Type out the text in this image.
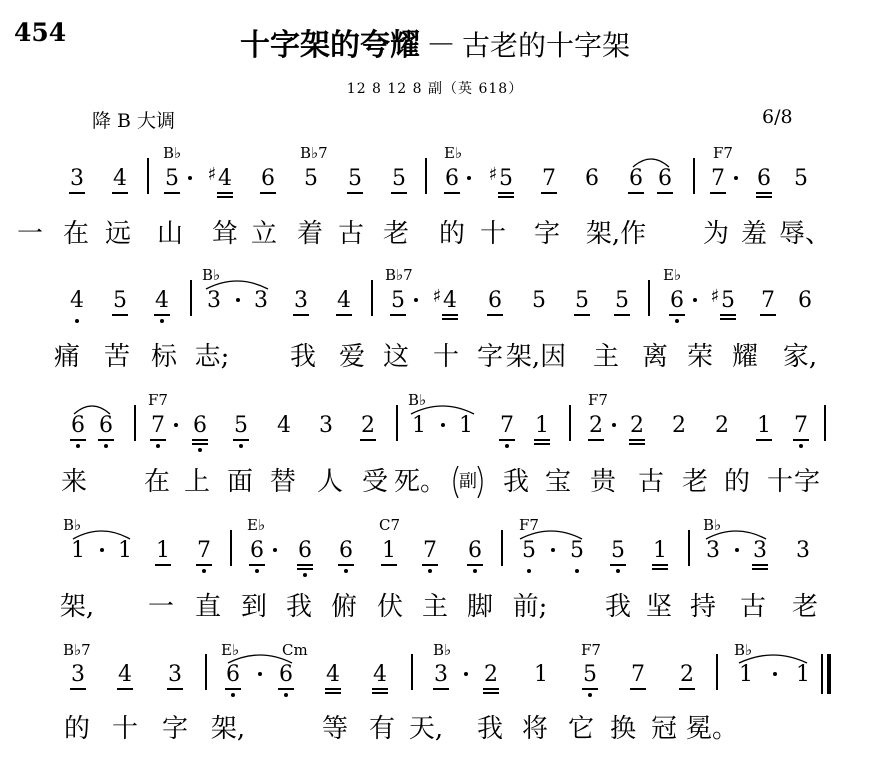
454	十字架的夸耀 － 古老的十字架
12 8 12 8 副（英 618）
降 B 大调	6/8
3 4 5 4
♯ 6 5 5 5 6 5
♯ 7 6 6 6 7 6 5
B♭	B♭7	E♭	F7
一 在 远 山 耸 立 着 古 老 的 十 字 架,作 为 羞 辱、
4 5 4 3 3 3 4 5 4
♯ 6 5 5 5 6 5
♯ 7 6
B♭	B♭7	E♭
痛 苦 标 志; 我 爱 这 十 字 架,因 主 离 荣 耀 家,
6 6 7 6 5 4 3 2 1 1 7 1 2 2 2 2 1 7
F7	B♭	F7
来 在 上 面 替 人 受 死。 副 我 宝 贵 古 老 的 十 字
1 1 1 7 6 6 6 1 7 6 5 5 5 1 3 3 3
B♭	E♭	C7	F7	B♭
架, 一 直 到 我 俯 伏 主 脚 前; 我 坚 持 古 老
3 4 3 6 6 4 4 3 2 1 5 7 2 1 1
B♭7	E♭	Cm	B♭	F7	B♭
的 十 字 架,	等 有 天, 我 将 它 换 冠 冕。
